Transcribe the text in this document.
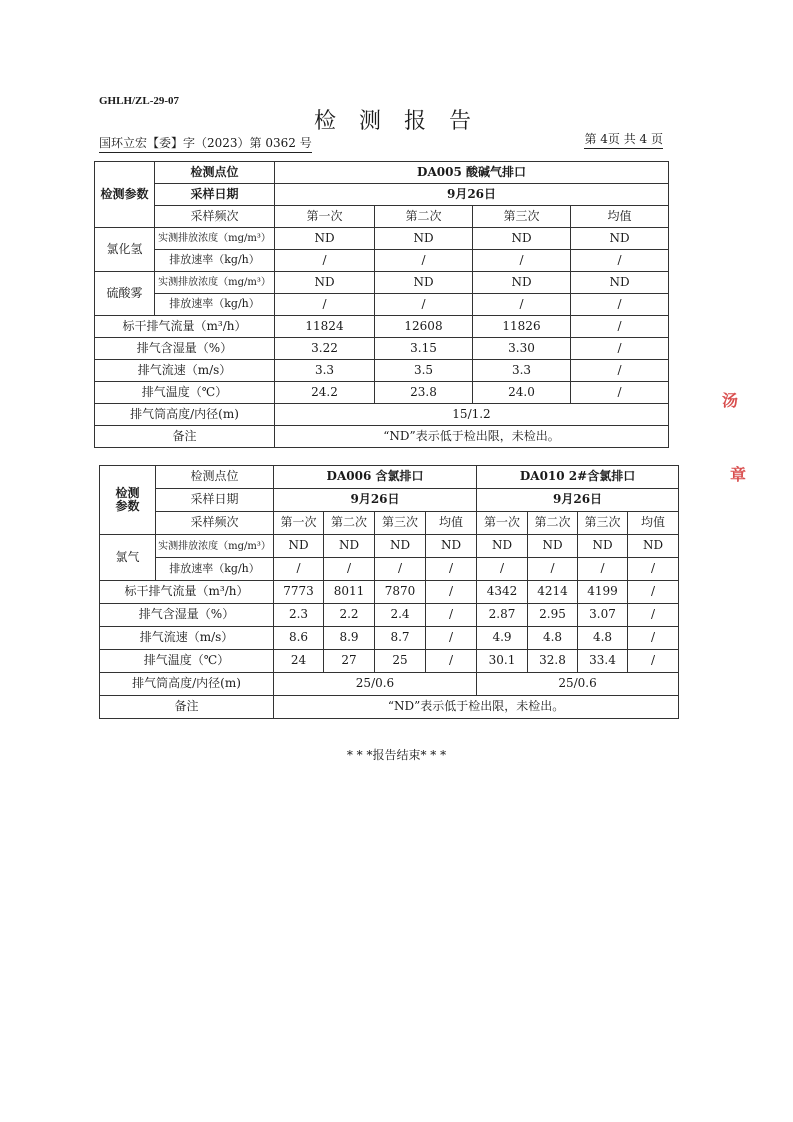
GHLH/ZL-29-07
检 测 报 告
国环立宏【委】字（2023）第 0362 号	第 4页 共 4 页
检测参数	检测点位	DA005 酸碱气排口			
	采样日期	9月26日			
	采样频次	第一次	第二次	第三次	均值
氯化氢	实测排放浓度（mg/m³）	ND	ND	ND	ND
	排放速率（kg/h）	/	/	/	/
硫酸雾	实测排放浓度（mg/m³）	ND	ND	ND	ND
	排放速率（kg/h）	/	/	/	/
标干排气流量（m³/h）		11824	12608	11826	/
排气含湿量（%）		3.22	3.15	3.30	/
排气流速（m/s）		3.3	3.5	3.3	/
排气温度（℃）		24.2	23.8	24.0	/
排气筒高度/内径(m)		15/1.2			
备注		“ND”表示低于检出限，未检出。			
检测
参数	检测点位	DA006 含氯排口				DA010 2#含氯排口			
	采样日期	9月26日				9月26日			
	采样频次	第一次	第二次	第三次	均值	第一次	第二次	第三次	均值
氯气	实测排放浓度（mg/m³）	ND	ND	ND	ND	ND	ND	ND	ND
	排放速率（kg/h）	/	/	/	/	/	/	/	/
标干排气流量（m³/h）		7773	8011	7870	/	4342	4214	4199	/
排气含湿量（%）		2.3	2.2	2.4	/	2.87	2.95	3.07	/
排气流速（m/s）		8.6	8.9	8.7	/	4.9	4.8	4.8	/
排气温度（℃）		24	27	25	/	30.1	32.8	33.4	/
排气筒高度/内径(m)		25/0.6				25/0.6			
备注		“ND”表示低于检出限，未检出。							
* * *报告结束* * *
汤
章
